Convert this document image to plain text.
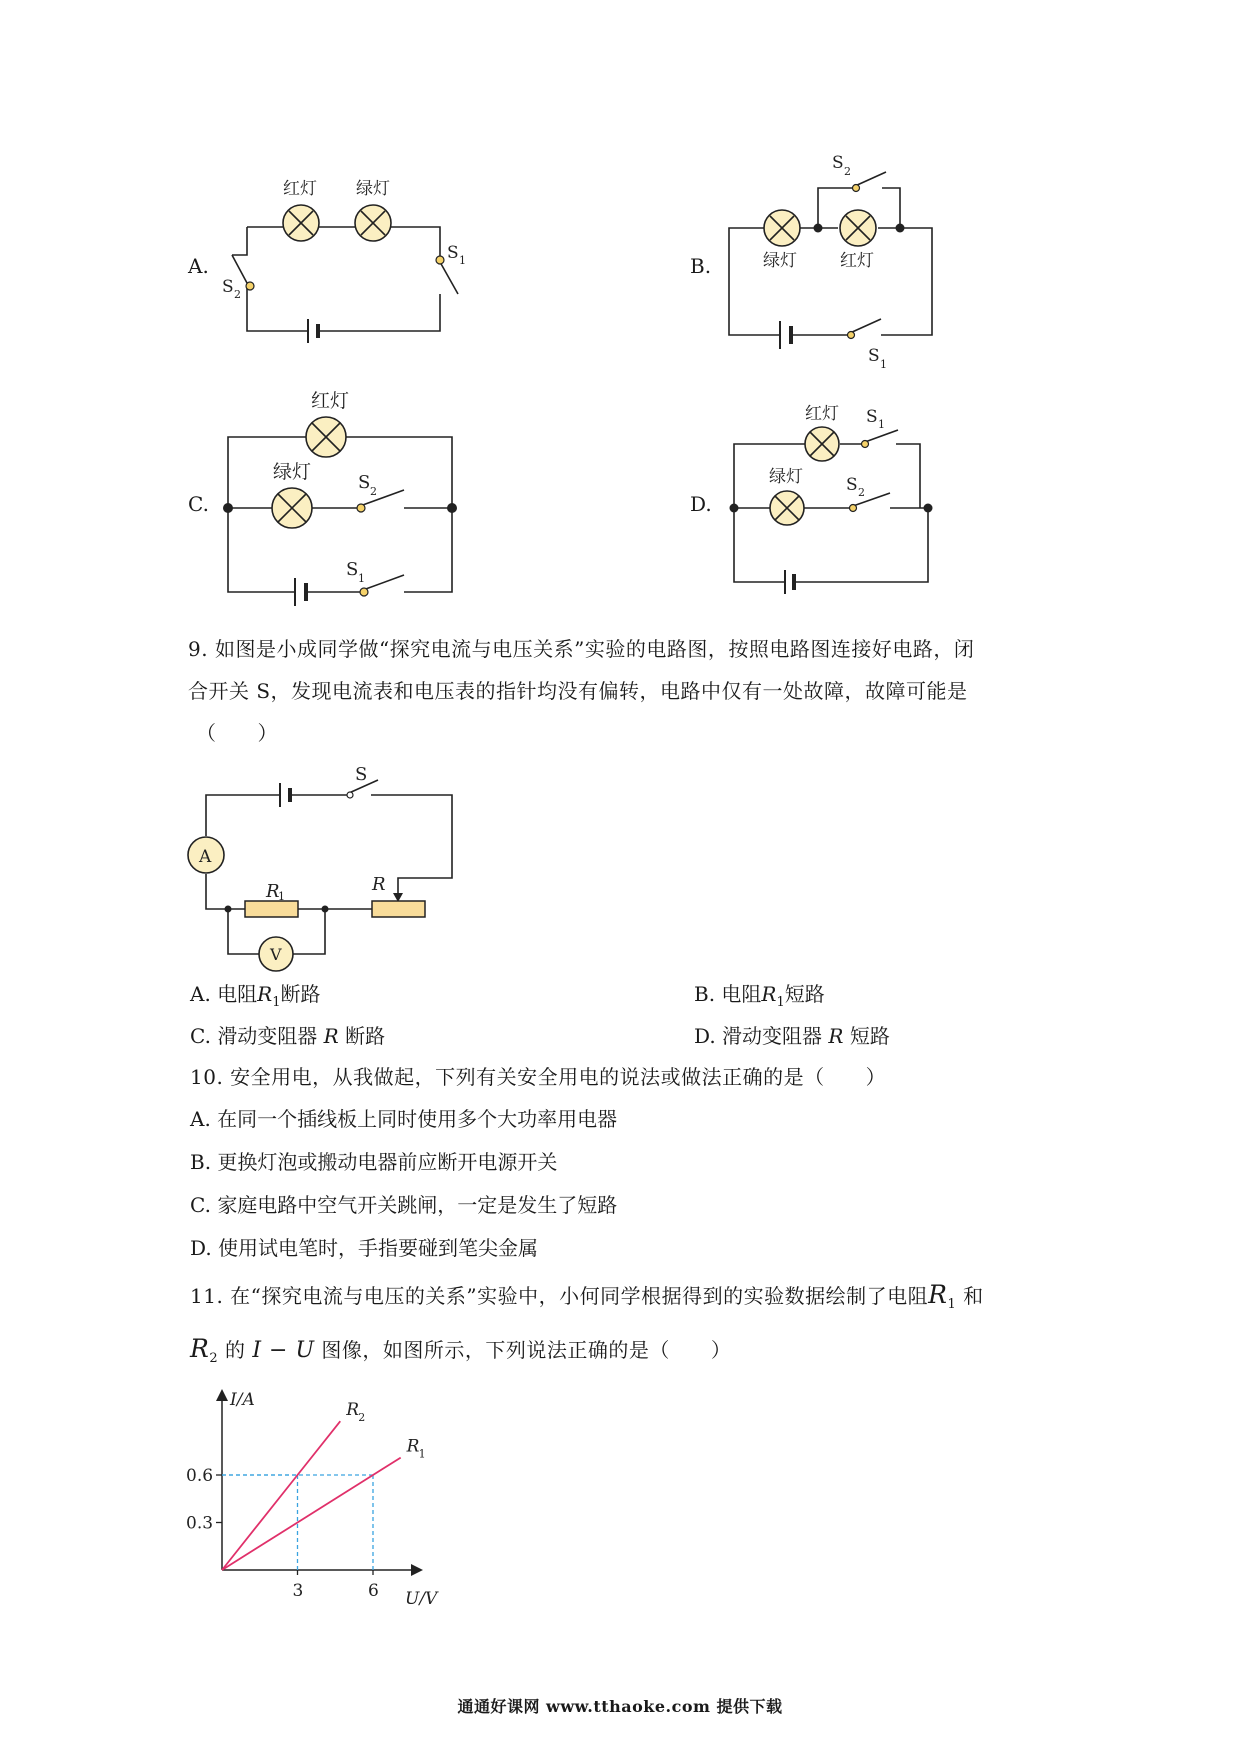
A.
红灯 绿灯
S 1
S 2
B.	绿灯	红灯
S 2
S 1
C.
红灯
绿灯	S 2
S 1
D.
红灯
绿灯
S 1
S 2
9. 如图是小成同学做“探究电流与电压关系”实验的电路图，按照电路图连接好电路，闭
合开关 S，发现电流表和电压表的指针均没有偏转，电路中仅有一处故障，故障可能是
（　　）
A
V
S
R
1
R
A. 电阻$R_1$断路	B. 电阻$R_1$短路
C. 滑动变阻器 R 断路	D. 滑动变阻器 R 短路
10. 安全用电，从我做起，下列有关安全用电的说法或做法正确的是（　　）
A. 在同一个插线板上同时使用多个大功率用电器
B. 更换灯泡或搬动电器前应断开电源开关
C. 家庭电路中空气开关跳闸，一定是发生了短路
D. 使用试电笔时，手指要碰到笔尖金属
11. 在“探究电流与电压的关系”实验中，小何同学根据得到的实验数据绘制了电阻$R_1$ 和
$R_2$ 的 I − U 图像，如图所示，下列说法正确的是（　　）
I/A
U/V
0.3
0.6
3	6
R 2
R 1
通通好课网 www.tthaoke.com 提供下载
